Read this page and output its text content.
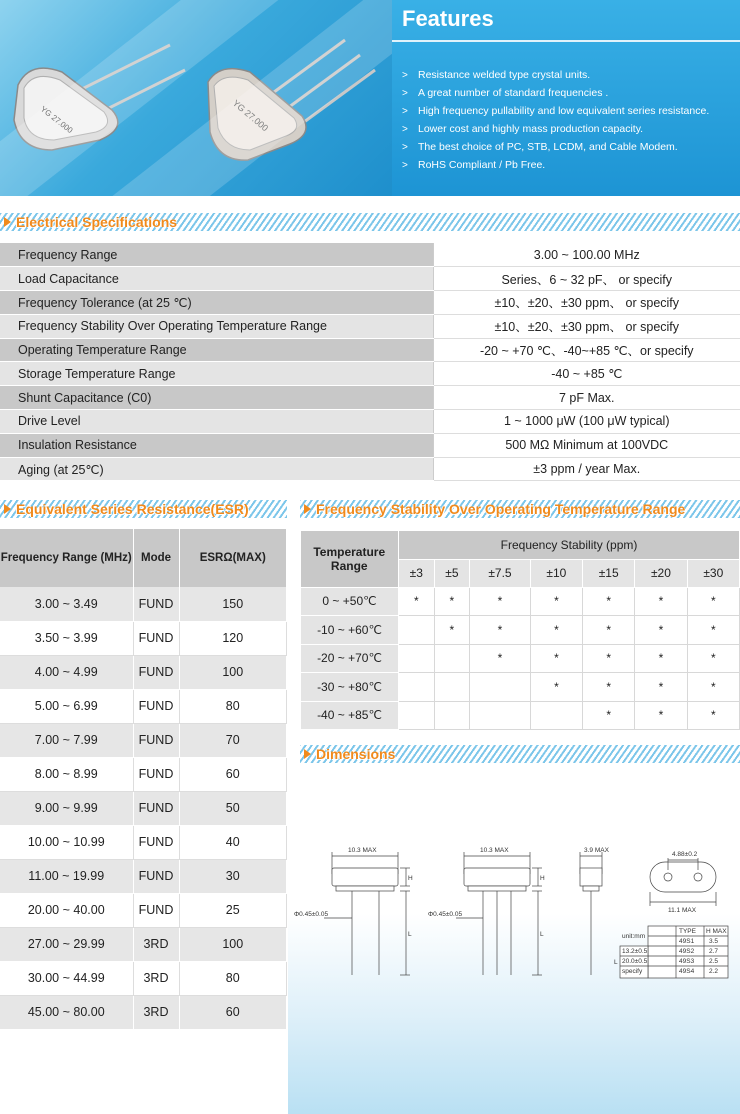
YG 27.000	YG 27.000
Features
> Resistance welded type crystal units.
> A great number of standard frequencies .
> High frequency pullability and low equivalent series resistance.
> Lower cost and highly mass production capacity.
> The best choice of PC, STB, LCDM, and Cable Modem.
> RoHS Compliant / Pb Free.
Electrical Specifications
Frequency Range	3.00 ~ 100.00 MHz
Load Capacitance	Series、6 ~ 32 pF、 or specify
Frequency Tolerance (at 25 ℃)	±10、±20、±30 ppm、 or specify
Frequency Stability Over Operating Temperature Range	±10、±20、±30 ppm、 or specify
Operating Temperature Range	-20 ~ +70 ℃、-40~+85 ℃、or specify
Storage Temperature Range	-40 ~ +85 ℃
Shunt Capacitance (C0)	7 pF Max.
Drive Level	1 ~ 1000 μW (100 μW typical)
Insulation Resistance	500 MΩ Minimum at 100VDC
Aging (at 25℃)	±3 ppm / year Max.
Equivalent Series Resistance(ESR)
Frequency Range (MHz)	Mode	ESRΩ(MAX)
3.00 ~ 3.49	FUND	150
3.50 ~ 3.99	FUND	120
4.00 ~ 4.99	FUND	100
5.00 ~ 6.99	FUND	80
7.00 ~ 7.99	FUND	70
8.00 ~ 8.99	FUND	60
9.00 ~ 9.99	FUND	50
10.00 ~ 10.99	FUND	40
11.00 ~ 19.99	FUND	30
20.00 ~ 40.00	FUND	25
27.00 ~ 29.99	3RD	100
30.00 ~ 44.99	3RD	80
45.00 ~ 80.00	3RD	60
Frequency Stability Over Operating Temperature Range
Temperature Range	Frequency Stability (ppm)						
	±3	±5	±7.5	±10	±15	±20	±30
0 ~ +50℃	*	*	*	*	*	*	*
-10 ~ +60℃		*	*	*	*	*	*
-20 ~ +70℃			*	*	*	*	*
-30 ~ +80℃				*	*	*	*
-40 ~ +85℃					*	*	*
Dimensions
10.3 MAX	10.3 MAX	3.9 MAX
4.88±0.2
11.1 MAX
Φ0.45±0.05	Φ0.45±0.05
H	H
L	L	unit:mm
L
TYPE H MAX
49S1 3.5
13.2±0.5	49S2 2.7
20.0±0.5	49S3 2.5
specify	49S4 2.2
